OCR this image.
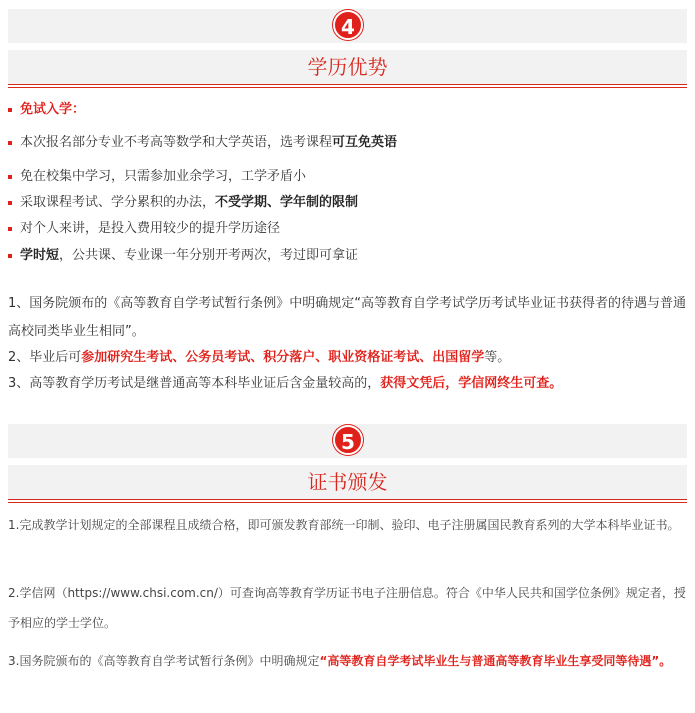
4
学历优势
免试入学：
本次报名部分专业不考高等数学和大学英语，选考课程可互免英语
免在校集中学习，只需参加业余学习，工学矛盾小
采取课程考试、学分累积的办法，不受学期、学年制的限制
对个人来讲，是投入费用较少的提升学历途径
学时短，公共课、专业课一年分别开考两次，考过即可拿证
1、国务院颁布的《高等教育自学考试暂行条例》中明确规定“高等教育自学考试学历考试毕业证书获得者的待遇与普通高校同类毕业生相同”。
2、毕业后可参加研究生考试、公务员考试、积分落户、职业资格证考试、出国留学等。
3、高等教育学历考试是继普通高等本科毕业证后含金量较高的，获得文凭后，学信网终生可查。
5
证书颁发
1.完成教学计划规定的全部课程且成绩合格，即可颁发教育部统一印制、验印、电子注册属国民教育系列的大学本科毕业证书。
2.学信网（https://www.chsi.com.cn/）可查询高等教育学历证书电子注册信息。符合《中华人民共和国学位条例》规定者，授予相应的学士学位。
3.国务院颁布的《高等教育自学考试暂行条例》中明确规定“高等教育自学考试毕业生与普通高等教育毕业生享受同等待遇”。
